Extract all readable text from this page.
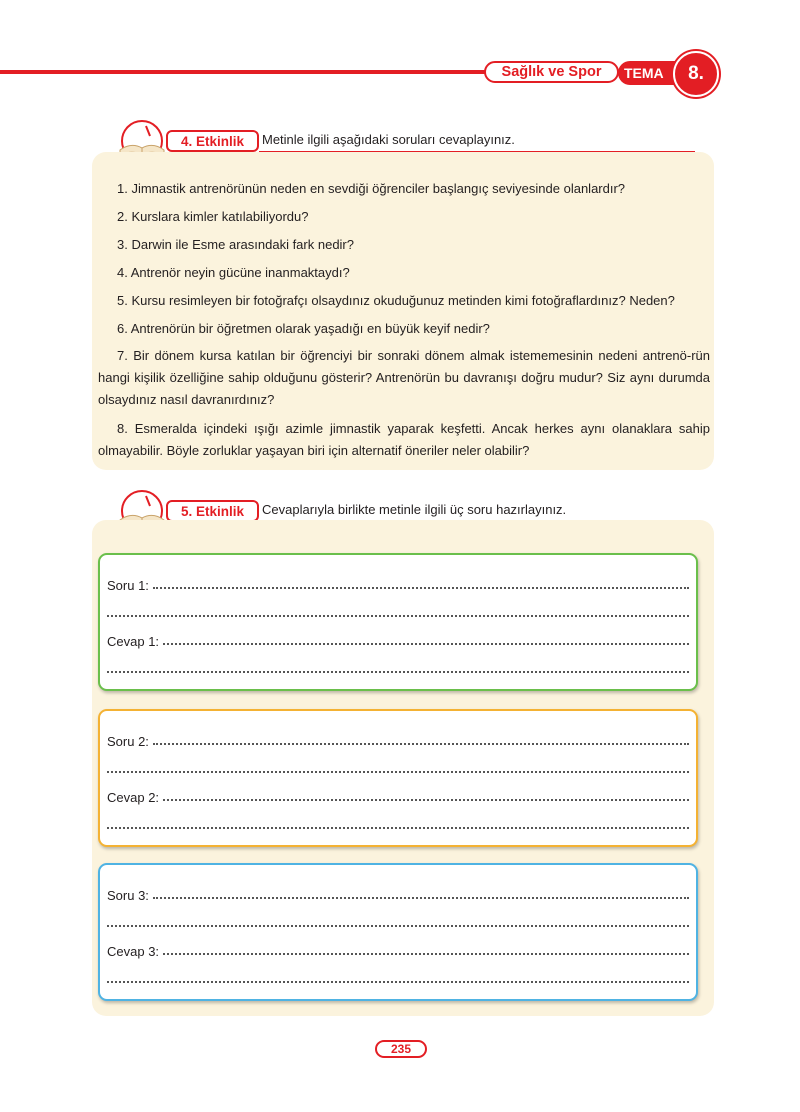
Sağlık ve Spor TEMA 8.
4. Etkinlik Metinle ilgili aşağıdaki soruları cevaplayınız.
1. Jimnastik antrenörünün neden en sevdiği öğrenciler başlangıç seviyesinde olanlardır?
2. Kurslara kimler katılabiliyordu?
3. Darwin ile Esme arasındaki fark nedir?
4. Antrenör neyin gücüne inanmaktaydı?
5. Kursu resimleyen bir fotoğrafçı olsaydınız okuduğunuz metinden kimi fotoğraflardınız? Neden?
6. Antrenörün bir öğretmen olarak yaşadığı en büyük keyif nedir?
7. Bir dönem kursa katılan bir öğrenciyi bir sonraki dönem almak istememesinin nedeni antrenö-rün hangi kişilik özelliğine sahip olduğunu gösterir? Antrenörün bu davranışı doğru mudur? Siz aynı durumda olsaydınız nasıl davranırdınız?
8. Esmeralda içindeki ışığı azimle jimnastik yaparak keşfetti. Ancak herkes aynı olanaklara sahip olmayabilir. Böyle zorluklar yaşayan biri için alternatif öneriler neler olabilir?
5. Etkinlik Cevaplarıyla birlikte metinle ilgili üç soru hazırlayınız.
Soru 1:
Cevap 1:
Soru 2:
Cevap 2:
Soru 3:
Cevap 3:
235
